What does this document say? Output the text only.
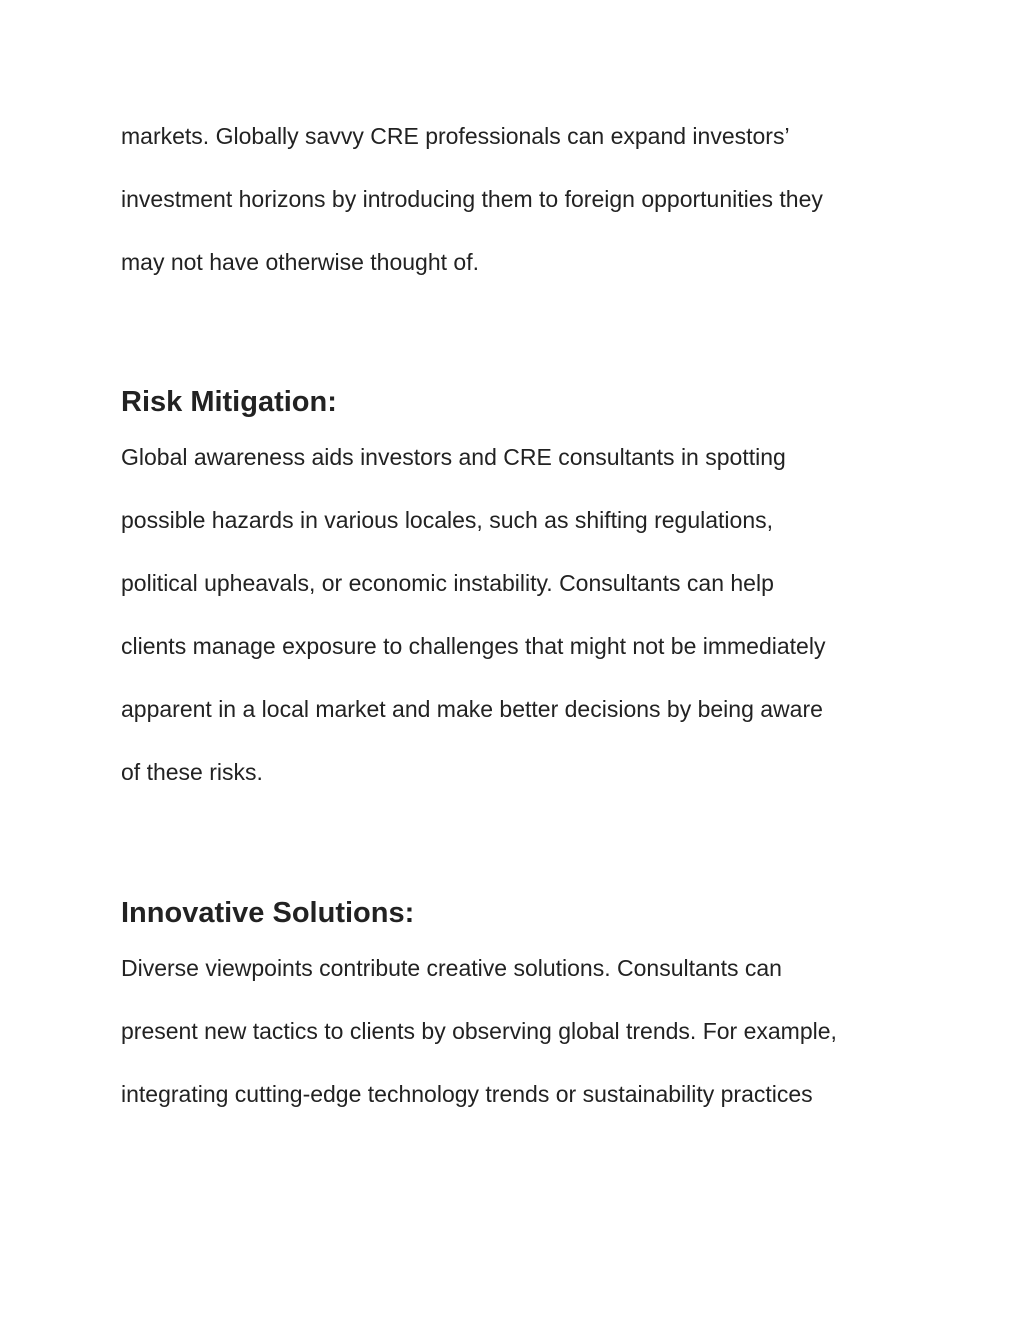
markets. Globally savvy CRE professionals can expand investors’
investment horizons by introducing them to foreign opportunities they
may not have otherwise thought of.
Risk Mitigation:
Global awareness aids investors and CRE consultants in spotting
possible hazards in various locales, such as shifting regulations,
political upheavals, or economic instability. Consultants can help
clients manage exposure to challenges that might not be immediately
apparent in a local market and make better decisions by being aware
of these risks.
Innovative Solutions:
Diverse viewpoints contribute creative solutions. Consultants can
present new tactics to clients by observing global trends. For example,
integrating cutting-edge technology trends or sustainability practices
